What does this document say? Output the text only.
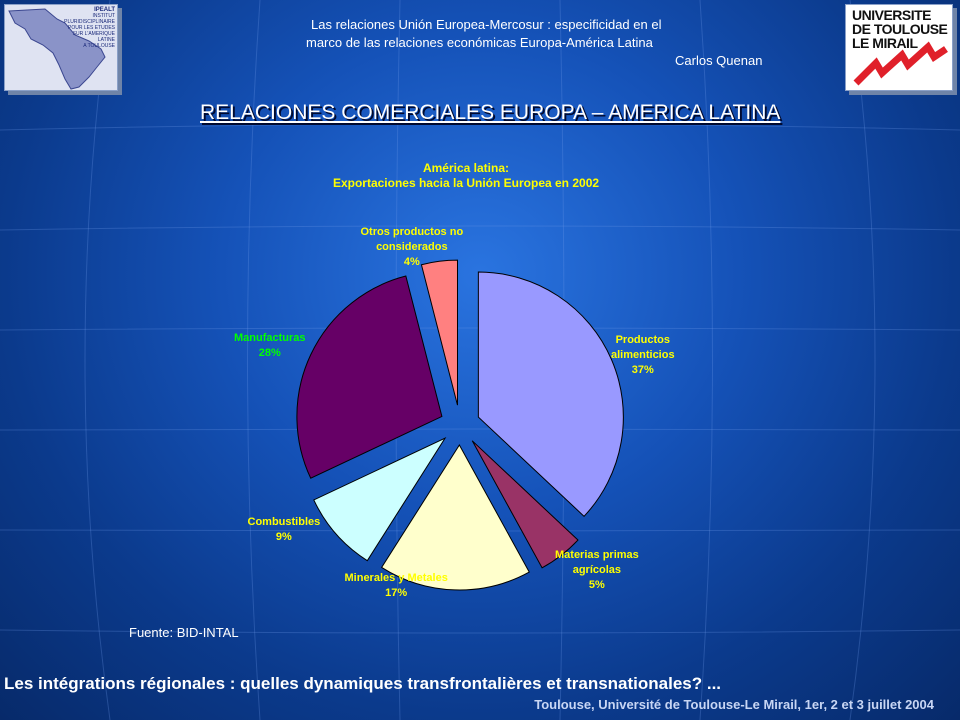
IPEALT
INSTITUT
PLURIDISCIPLINAIRE
POUR LES ETUDES
SUR L'AMERIQUE
LATINE
A TOULOUSE
UNIVERSITE
DE TOULOUSE
LE MIRAIL
Las relaciones Unión Europea-Mercosur : especificidad en el
marco de las relaciones económicas Europa-América Latina
Carlos Quenan
RELACIONES COMERCIALES EUROPA – AMERICA LATINA
América latina:
Exportaciones hacia la Unión Europea en 2002
Fuente: BID-INTAL
Les intégrations régionales : quelles dynamiques transfrontalières et transnationales? ...
Toulouse, Université de Toulouse-Le Mirail, 1er, 2 et 3 juillet 2004
Productos
alimenticios
37%
Materias primas
agrícolas
5%
Minerales y Metales
17%
Combustibles
9%
Manufacturas
28%
Otros productos no
considerados
4%
